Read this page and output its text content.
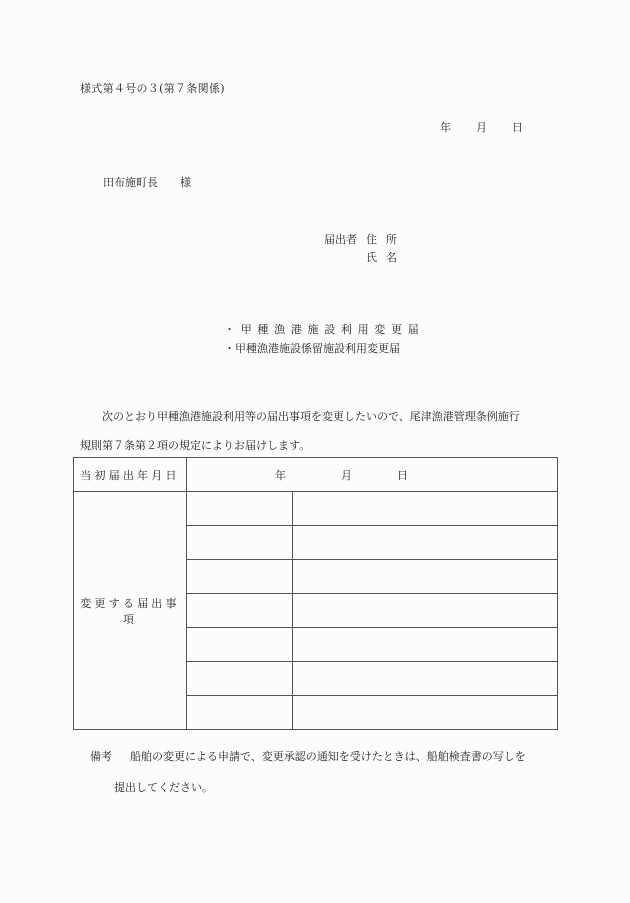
様式第４号の３(第７条関係)
年 月 日
田布施町長 様
届出者 住所
氏名
・甲種漁港施設利用変更届
・甲種漁港施設係留施設利用変更届
次のとおり甲種漁港施設利用等の届出事項を変更したいので、尾津漁港管理条例施行
規則第７条第２項の規定によりお届けします。
当初届出年月日	年 月 日	
変更する届出事項		

備考 船舶の変更による申請で、変更承認の通知を受けたときは、船舶検査書の写しを
提出してください。
